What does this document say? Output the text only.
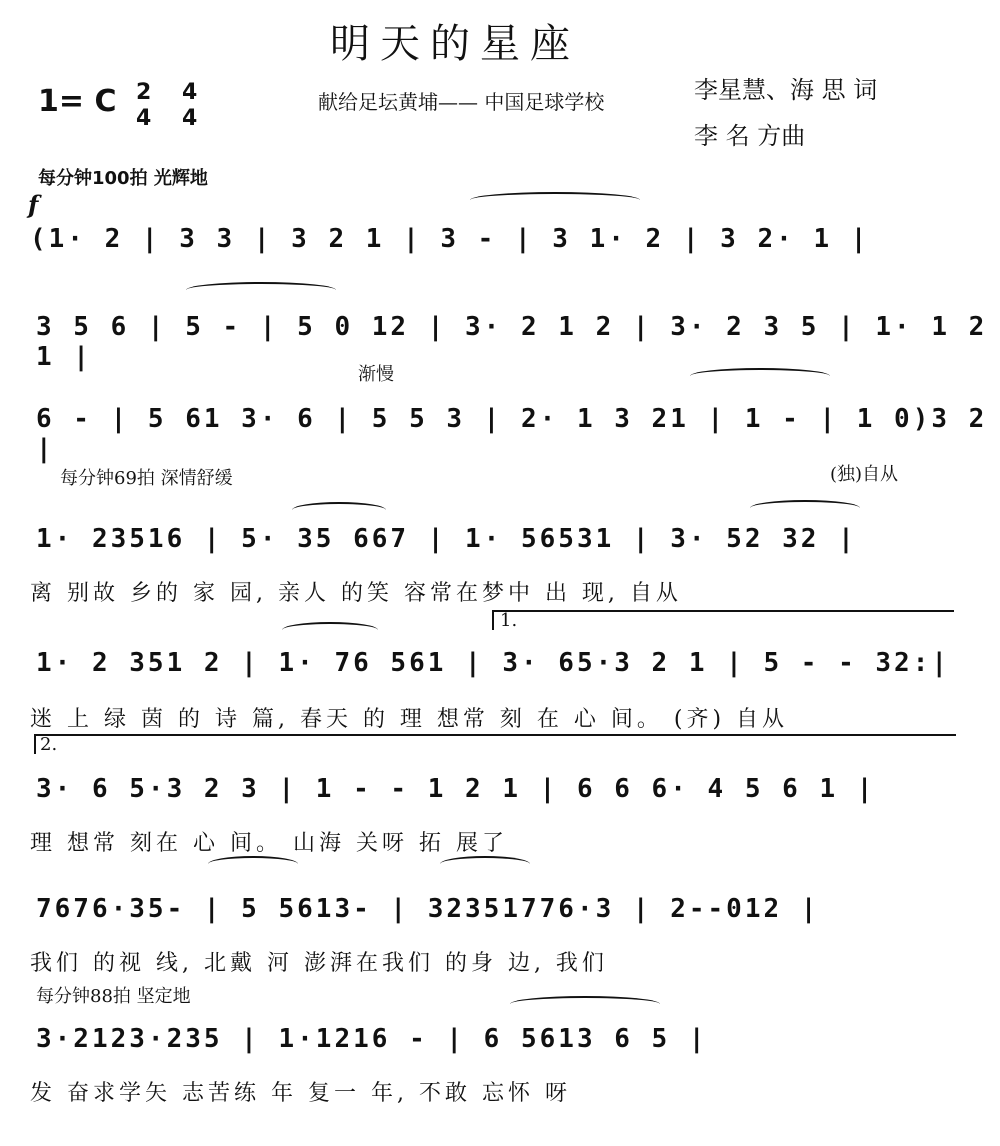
明天的星座
1= C 2
4
4
4
献给足坛黄埔—— 中国足球学校	李星慧、海 思 词
李 名 方曲
每分钟100拍 光辉地
f
(1· 2 | 3 3 | 3 2 1 | 3 - | 3 1· 2 | 3 2· 1 |
3 5 6 | 5 - | 5 0 12 | 3· 2 1 2 | 3· 2 3 5 | 1· 1 2 1 |
渐慢
6 - | 5 61 3· 6 | 5 5 3 | 2· 1 3 21 | 1 - | 1 0)3 2 |
每分钟69拍 深情舒缓	(独)自从
1· 23516 | 5· 35 667 | 1· 56531 | 3· 52 32 |
离 别故 乡的 家 园, 亲人 的笑 容常在梦中 出 现, 自从
1.
1· 2 351 2 | 1· 76 561 | 3· 65·3 2 1 | 5 - - 32:|
迷 上 绿 茵 的 诗 篇, 春天 的 理 想常 刻 在 心 间。 (齐) 自从
2.
3· 6 5·3 2 3 | 1 - - 1 2 1 | 6 6 6· 4 5 6 1 |
理 想常 刻在 心 间。 山海 关呀 拓 展了
7676·35- | 5 5613- | 32351776·3 | 2--012 |
我们 的视 线, 北戴 河 澎湃在我们 的身 边, 我们
每分钟88拍 坚定地
3·2123·235 | 1·1216 - | 6 5613 6 5 |
发 奋求学矢 志苦练 年 复一 年, 不敢 忘怀 呀
